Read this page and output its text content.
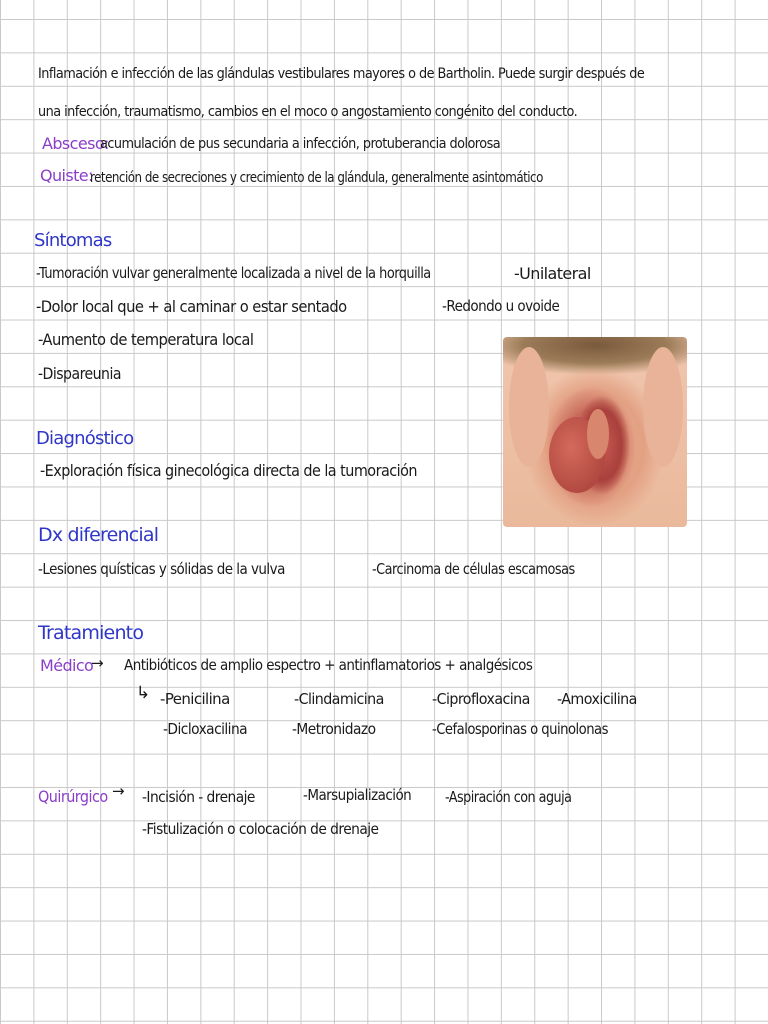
Inflamación e infección de las glándulas vestibulares mayores o de Bartholin. Puede surgir después de
una infección, traumatismo, cambios en el moco o angostamiento congénito del conducto.
Absceso:
acumulación de pus secundaria a infección, protuberancia dolorosa
Quiste:
retención de secreciones y crecimiento de la glándula, generalmente asintomático
Síntomas
-Tumoración vulvar generalmente localizada a nivel de la horquilla
-Dolor local que + al caminar o estar sentado
-Aumento de temperatura local
-Dispareunia
-Unilateral
-Redondo u ovoide
Diagnóstico
-Exploración física ginecológica directa de la tumoración
Dx diferencial
-Lesiones quísticas y sólidas de la vulva	-Carcinoma de células escamosas
Tratamiento
Médico
→ Antibióticos de amplio espectro + antinflamatorios + analgésicos
↳ -Penicilina	-Clindamicina	-Ciprofloxacina -Amoxicilina
-Dicloxacilina	-Metronidazo	-Cefalosporinas o quinolonas
Quirúrgico → -Incisión - drenaje	-Marsupialización -Aspiración con aguja
-Fistulización o colocación de drenaje
